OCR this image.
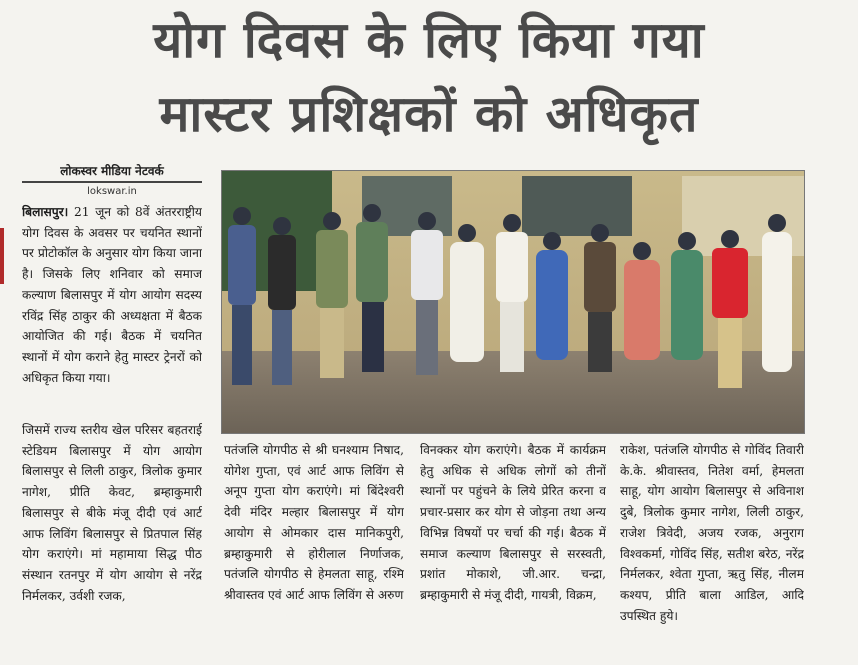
योग दिवस के लिए किया गया
मास्टर प्रशिक्षकों को अधिकृत
लोकस्वर मीडिया नेटवर्क
lokswar.in
बिलासपुर। 21 जून को 8वें अंतरराष्ट्रीय योग दिवस के अवसर पर चयनित स्थानों पर प्रोटोकॉल के अनुसार योग किया जाना है। जिसके लिए शनिवार को समाज कल्याण बिलासपुर में योग आयोग सदस्य रविंद्र सिंह ठाकुर की अध्यक्षता में बैठक आयोजित की गई। बैठक में चयनित स्थानों में योग कराने हेतु मास्टर ट्रेनरों को अधिकृत किया गया।
जिसमें राज्य स्तरीय खेल परिसर बहतराई स्टेडियम बिलासपुर में योग आयोग बिलासपुर से लिली ठाकुर, त्रिलोक कुमार नागेश, प्रीति केवट, ब्रम्हाकुमारी बिलासपुर से बीके मंजू दीदी एवं आर्ट आफ लिविंग बिलासपुर से प्रितपाल सिंह योग कराएंगे। मां महामाया सिद्ध पीठ संस्थान रतनपुर में योग आयोग से नरेंद्र निर्मलकर, उर्वशी रजक,
पतंजलि योगपीठ से श्री घनश्याम निषाद, योगेश गुप्ता, एवं आर्ट आफ लिविंग से अनूप गुप्ता योग कराएंगे। मां बिंदेश्वरी देवी मंदिर मल्हार बिलासपुर में योग आयोग से ओमकार दास मानिकपुरी, ब्रम्हाकुमारी से होरीलाल निर्णाजक, पतंजलि योगपीठ से हेमलता साहू, रश्मि श्रीवास्तव एवं आर्ट आफ लिविंग से अरुण
विनक्कर योग कराएंगे। बैठक में कार्यक्रम हेतु अधिक से अधिक लोगों को तीनों स्थानों पर पहुंचने के लिये प्रेरित करना व प्रचार-प्रसार कर योग से जोड़ना तथा अन्य विभिन्न विषयों पर चर्चा की गई। बैठक में समाज कल्याण बिलासपुर से सरस्वती, प्रशांत मोकाशे, जी.आर. चन्द्रा, ब्रम्हाकुमारी से मंजू दीदी, गायत्री, विक्रम,
राकेश, पतंजलि योगपीठ से गोविंद तिवारी के.के. श्रीवास्तव, नितेश वर्मा, हेमलता साहू, योग आयोग बिलासपुर से अविनाश दुबे, त्रिलोक कुमार नागेश, लिली ठाकुर, राजेश त्रिवेदी, अजय रजक, अनुराग विश्वकर्मा, गोविंद सिंह, सतीश बरेठ, नरेंद्र निर्मलकर, श्वेता गुप्ता, ऋतु सिंह, नीलम कश्यप, प्रीति बाला आडिल, आदि उपस्थित हुये।
